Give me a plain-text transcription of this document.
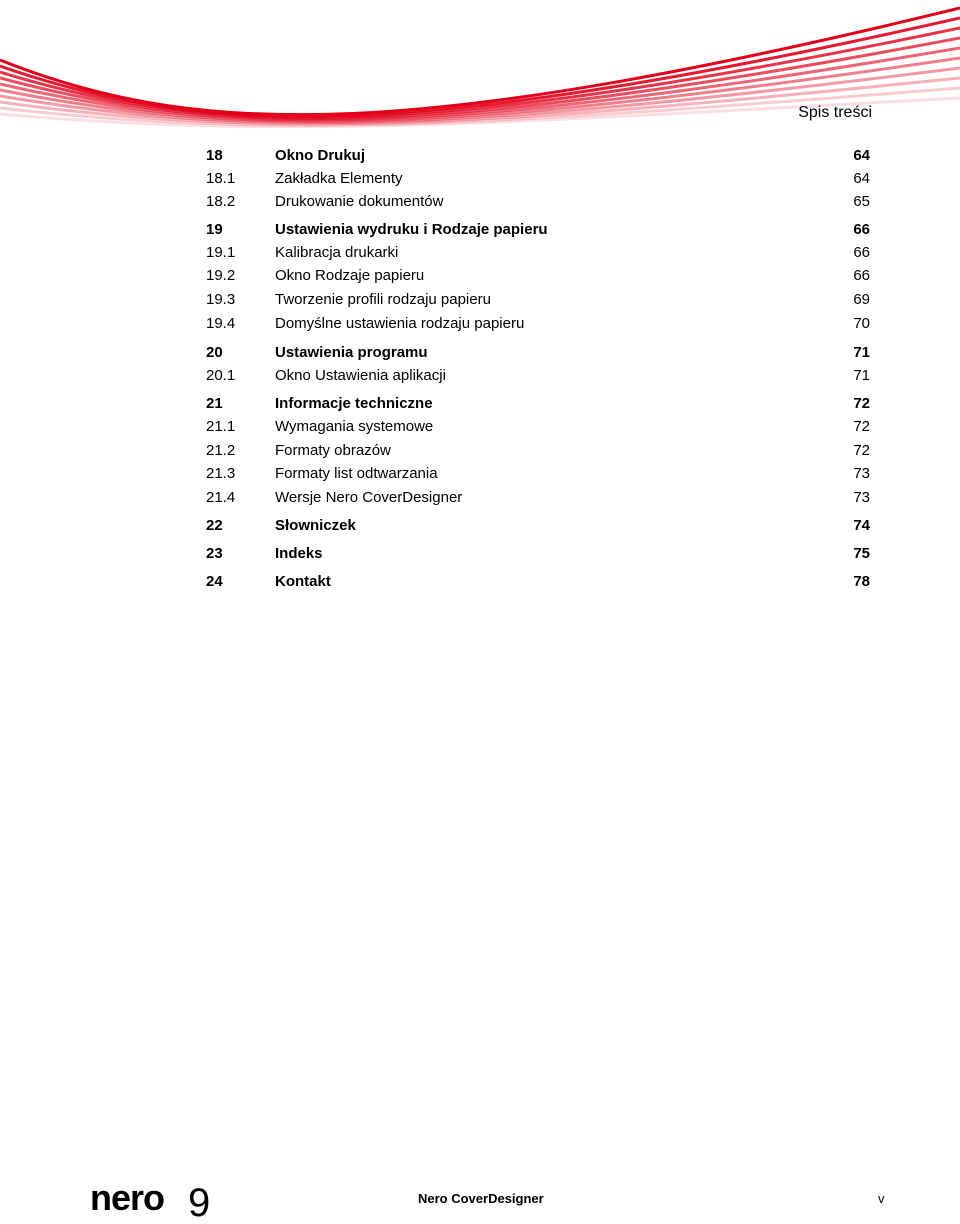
Spis treści
18	Okno Drukuj	64
18.1	Zakładka Elementy	64
18.2	Drukowanie dokumentów	65
19	Ustawienia wydruku i Rodzaje papieru	66
19.1	Kalibracja drukarki	66
19.2	Okno Rodzaje papieru	66
19.3	Tworzenie profili rodzaju papieru	69
19.4	Domyślne ustawienia rodzaju papieru	70
20	Ustawienia programu	71
20.1	Okno Ustawienia aplikacji	71
21	Informacje techniczne	72
21.1	Wymagania systemowe	72
21.2	Formaty obrazów	72
21.3	Formaty list odtwarzania	73
21.4	Wersje Nero CoverDesigner	73
22	Słowniczek	74
23	Indeks	75
24	Kontakt	78
nero 9	Nero CoverDesigner	v
